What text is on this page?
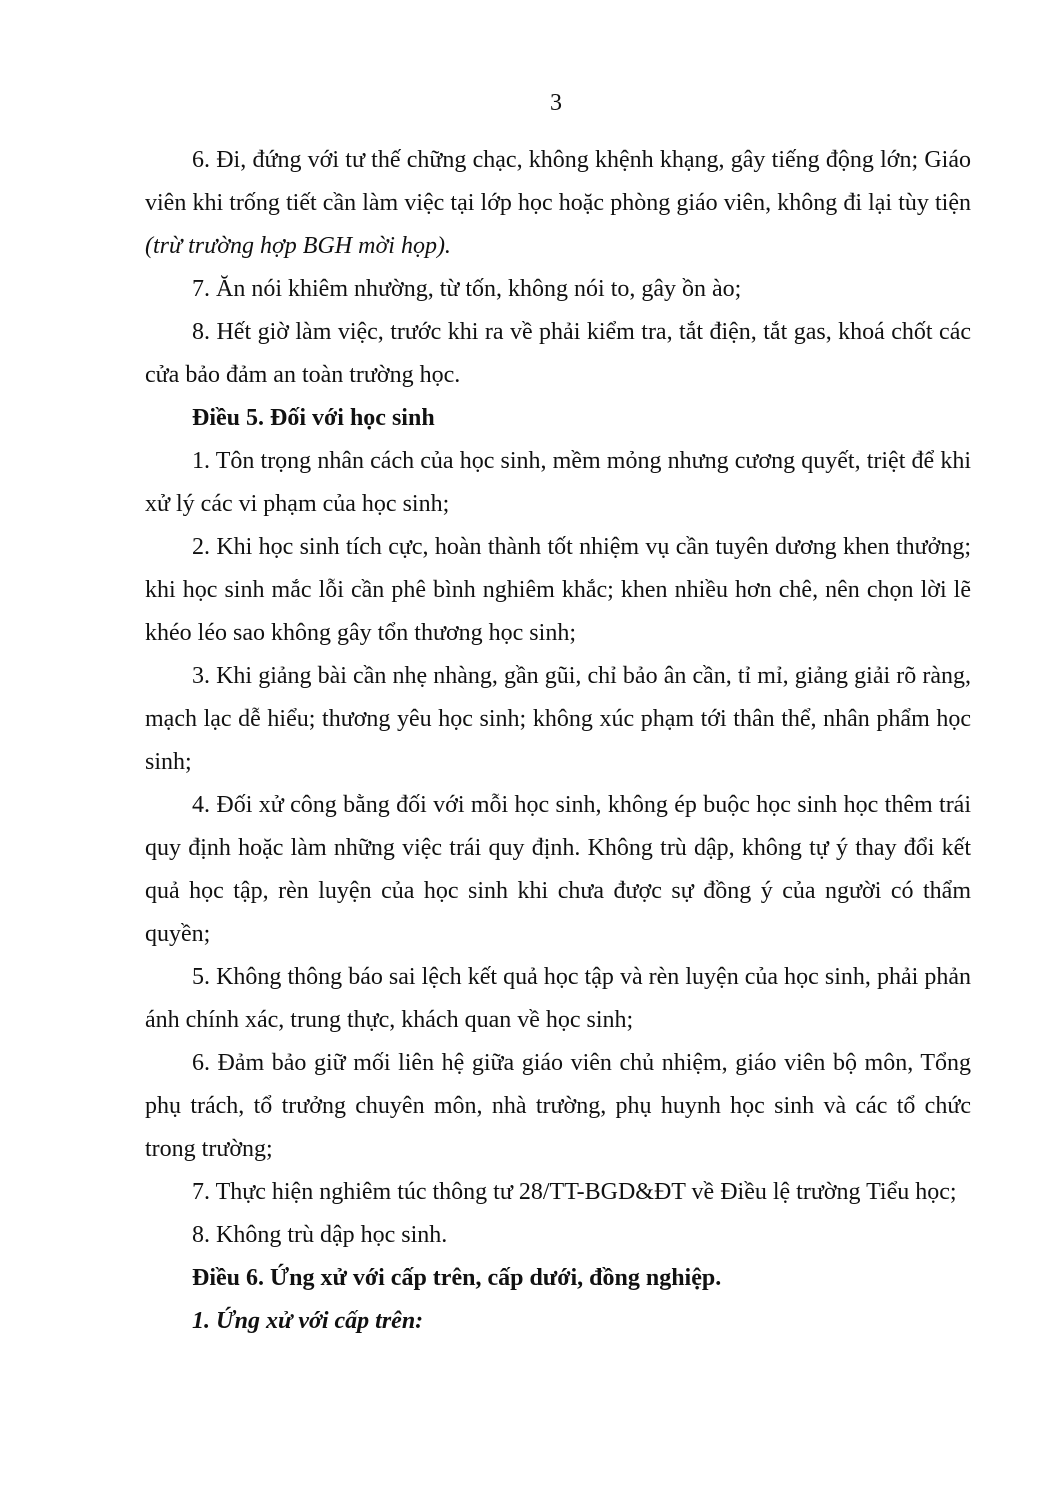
3

6. Đi, đứng với tư thế chững chạc, không khệnh khạng, gây tiếng động lớn; Giáo viên khi trống tiết cần làm việc tại lớp học hoặc phòng giáo viên, không đi lại tùy tiện (trừ trường hợp BGH mời họp).

7. Ăn nói khiêm nhường, từ tốn, không nói to, gây ồn ào;

8. Hết giờ làm việc, trước khi ra về phải kiểm tra, tắt điện, tắt gas, khoá chốt các cửa bảo đảm an toàn trường học.

Điều 5. Đối với học sinh

1. Tôn trọng nhân cách của học sinh, mềm mỏng nhưng cương quyết, triệt để khi xử lý các vi phạm của học sinh;

2. Khi học sinh tích cực, hoàn thành tốt nhiệm vụ cần tuyên dương khen thưởng; khi học sinh mắc lỗi cần phê bình nghiêm khắc; khen nhiều hơn chê, nên chọn lời lẽ khéo léo sao không gây tổn thương học sinh;

3. Khi giảng bài cần nhẹ nhàng, gần gũi, chỉ bảo ân cần, tỉ mỉ, giảng giải rõ ràng, mạch lạc dễ hiểu; thương yêu học sinh; không xúc phạm tới thân thể, nhân phẩm học sinh;

4. Đối xử công bằng đối với mỗi học sinh, không ép buộc học sinh học thêm trái quy định hoặc làm những việc trái quy định. Không trù dập, không tự ý thay đổi kết quả học tập, rèn luyện của học sinh khi chưa được sự đồng ý của người có thẩm quyền;

5. Không thông báo sai lệch kết quả học tập và rèn luyện của học sinh, phải phản ánh chính xác, trung thực, khách quan về học sinh;

6. Đảm bảo giữ mối liên hệ giữa giáo viên chủ nhiệm, giáo viên bộ môn, Tổng phụ trách, tổ trưởng chuyên môn, nhà trường, phụ huynh học sinh và các tổ chức trong trường;

7. Thực hiện nghiêm túc thông tư 28/TT-BGD&ĐT về Điều lệ trường Tiểu học;

8. Không trù dập học sinh.

Điều 6. Ứng xử với cấp trên, cấp dưới, đồng nghiệp.

1. Ứng xử với cấp trên:
